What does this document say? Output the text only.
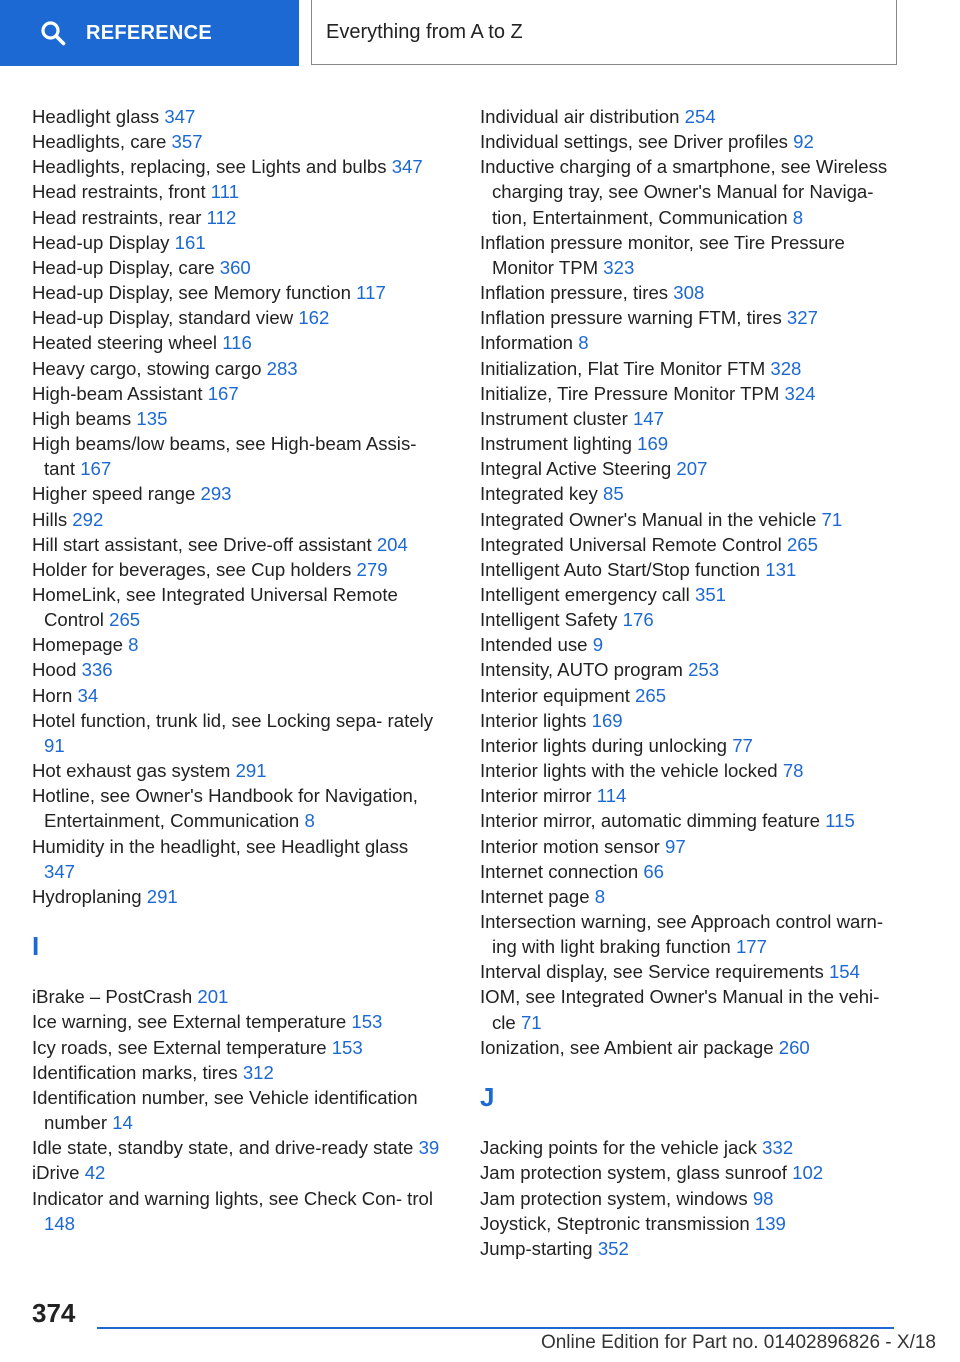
REFERENCE	Everything from A to Z
Headlight glass 347
Headlights, care 357
Headlights, replacing, see Lights and bulbs 347
Head restraints, front 111
Head restraints, rear 112
Head-up Display 161
Head-up Display, care 360
Head-up Display, see Memory function 117
Head-up Display, standard view 162
Heated steering wheel 116
Heavy cargo, stowing cargo 283
High-beam Assistant 167
High beams 135
High beams/low beams, see High-beam Assis‐ tant 167
Higher speed range 293
Hills 292
Hill start assistant, see Drive-off assistant 204
Holder for beverages, see Cup holders 279
HomeLink, see Integrated Universal Remote Control 265
Homepage 8
Hood 336
Horn 34
Hotel function, trunk lid, see Locking sepa‐ rately 91
Hot exhaust gas system 291
Hotline, see Owner's Handbook for Navigation, Entertainment, Communication 8
Humidity in the headlight, see Headlight glass 347
Hydroplaning 291
I
iBrake – PostCrash 201
Ice warning, see External temperature 153
Icy roads, see External temperature 153
Identification marks, tires 312
Identification number, see Vehicle identification number 14
Idle state, standby state, and drive-ready state 39
iDrive 42
Indicator and warning lights, see Check Con‐ trol 148
Individual air distribution 254
Individual settings, see Driver profiles 92
Inductive charging of a smartphone, see Wireless charging tray, see Owner's Manual for Naviga‐ tion, Entertainment, Communication 8
Inflation pressure monitor, see Tire Pressure Monitor TPM 323
Inflation pressure, tires 308
Inflation pressure warning FTM, tires 327
Information 8
Initialization, Flat Tire Monitor FTM 328
Initialize, Tire Pressure Monitor TPM 324
Instrument cluster 147
Instrument lighting 169
Integral Active Steering 207
Integrated key 85
Integrated Owner's Manual in the vehicle 71
Integrated Universal Remote Control 265
Intelligent Auto Start/Stop function 131
Intelligent emergency call 351
Intelligent Safety 176
Intended use 9
Intensity, AUTO program 253
Interior equipment 265
Interior lights 169
Interior lights during unlocking 77
Interior lights with the vehicle locked 78
Interior mirror 114
Interior mirror, automatic dimming feature 115
Interior motion sensor 97
Internet connection 66
Internet page 8
Intersection warning, see Approach control warn‐ ing with light braking function 177
Interval display, see Service requirements 154
IOM, see Integrated Owner's Manual in the vehi‐ cle 71
Ionization, see Ambient air package 260
J
Jacking points for the vehicle jack 332
Jam protection system, glass sunroof 102
Jam protection system, windows 98
Joystick, Steptronic transmission 139
Jump-starting 352
374
Online Edition for Part no. 01402896826 - X/18
